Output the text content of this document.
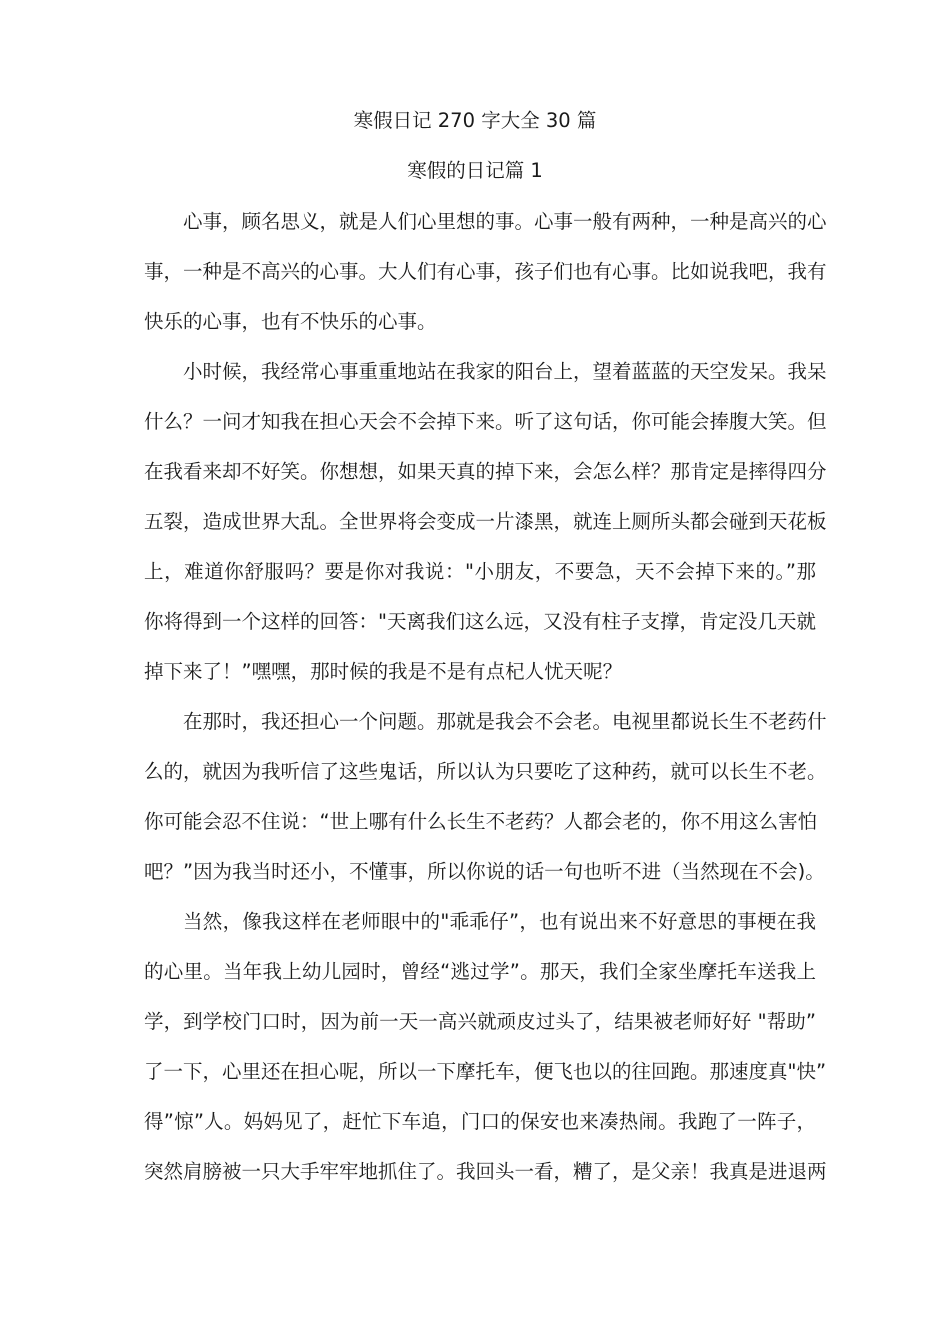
寒假日记 270 字大全 30 篇
寒假的日记篇 1
心事，顾名思义，就是人们心里想的事。心事一般有两种，一种是高兴的心
事，一种是不高兴的心事。大人们有心事，孩子们也有心事。比如说我吧，我有
快乐的心事，也有不快乐的心事。
小时候，我经常心事重重地站在我家的阳台上，望着蓝蓝的天空发呆。我呆
什么？一问才知我在担心天会不会掉下来。听了这句话，你可能会捧腹大笑。但
在我看来却不好笑。你想想，如果天真的掉下来，会怎么样？那肯定是摔得四分
五裂，造成世界大乱。全世界将会变成一片漆黑，就连上厕所头都会碰到天花板
上，难道你舒服吗？要是你对我说："小朋友，不要急，天不会掉下来的。”那
你将得到一个这样的回答："天离我们这么远，又没有柱子支撑，肯定没几天就
掉下来了！”嘿嘿，那时候的我是不是有点杞人忧天呢？
在那时，我还担心一个问题。那就是我会不会老。电视里都说长生不老药什
么的，就因为我听信了这些鬼话，所以认为只要吃了这种药，就可以长生不老。
你可能会忍不住说：“世上哪有什么长生不老药？人都会老的，你不用这么害怕
吧？”因为我当时还小，不懂事，所以你说的话一句也听不进（当然现在不会)。
当然，像我这样在老师眼中的"乖乖仔”，也有说出来不好意思的事梗在我
的心里。当年我上幼儿园时，曾经“逃过学”。那天，我们全家坐摩托车送我上
学，到学校门口时，因为前一天一高兴就顽皮过头了，结果被老师好好 "帮助”
了一下，心里还在担心呢，所以一下摩托车，便飞也以的往回跑。那速度真"快”
得”惊”人。妈妈见了，赶忙下车追，门口的保安也来凑热闹。我跑了一阵子，
突然肩膀被一只大手牢牢地抓住了。我回头一看，糟了，是父亲！我真是进退两
